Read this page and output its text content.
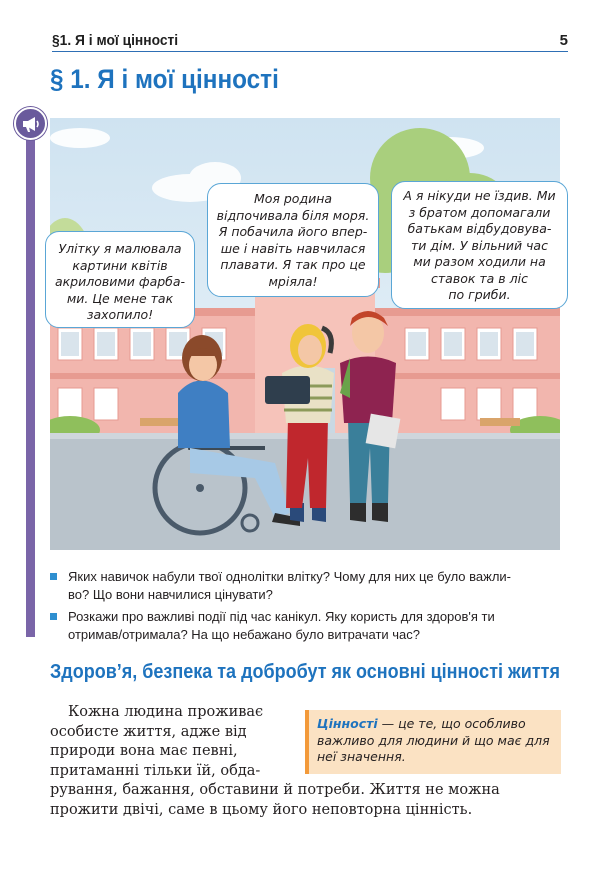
§1. Я і мої цінності	5
§ 1. Я і мої цінності
Улітку я малювала
картини квітів
акриловими фарба-
ми. Це мене так
захопило!
Моя родина
відпочивала біля моря.
Я побачила його впер-
ше і навіть навчилася
плавати. Я так про це
мріяла!
А я нікуди не їздив. Ми
з братом допомагали
батькам відбудовува-
ти дім. У вільний час
ми разом ходили на
ставок та в ліс
по гриби.
Яких навичок набули твої однолітки влітку? Чому для них це було важли-
во? Що вони навчилися цінувати?
Розкажи про важливі події під час канікул. Яку користь для здоров'я ти
отримав/отримала? На що небажано було витрачати час?
Здоров’я, безпека та добробут як основні цінності життя
Кожна людина проживає
особисте життя, адже від
природи вона має певні,
притаманні тільки їй, обда-
рування, бажання, обставини й потреби. Життя не можна
прожити двічі, саме в цьому його неповторна цінність.
Цінності — це те, що особливо
важливо для людини й що має для
неї значення.
